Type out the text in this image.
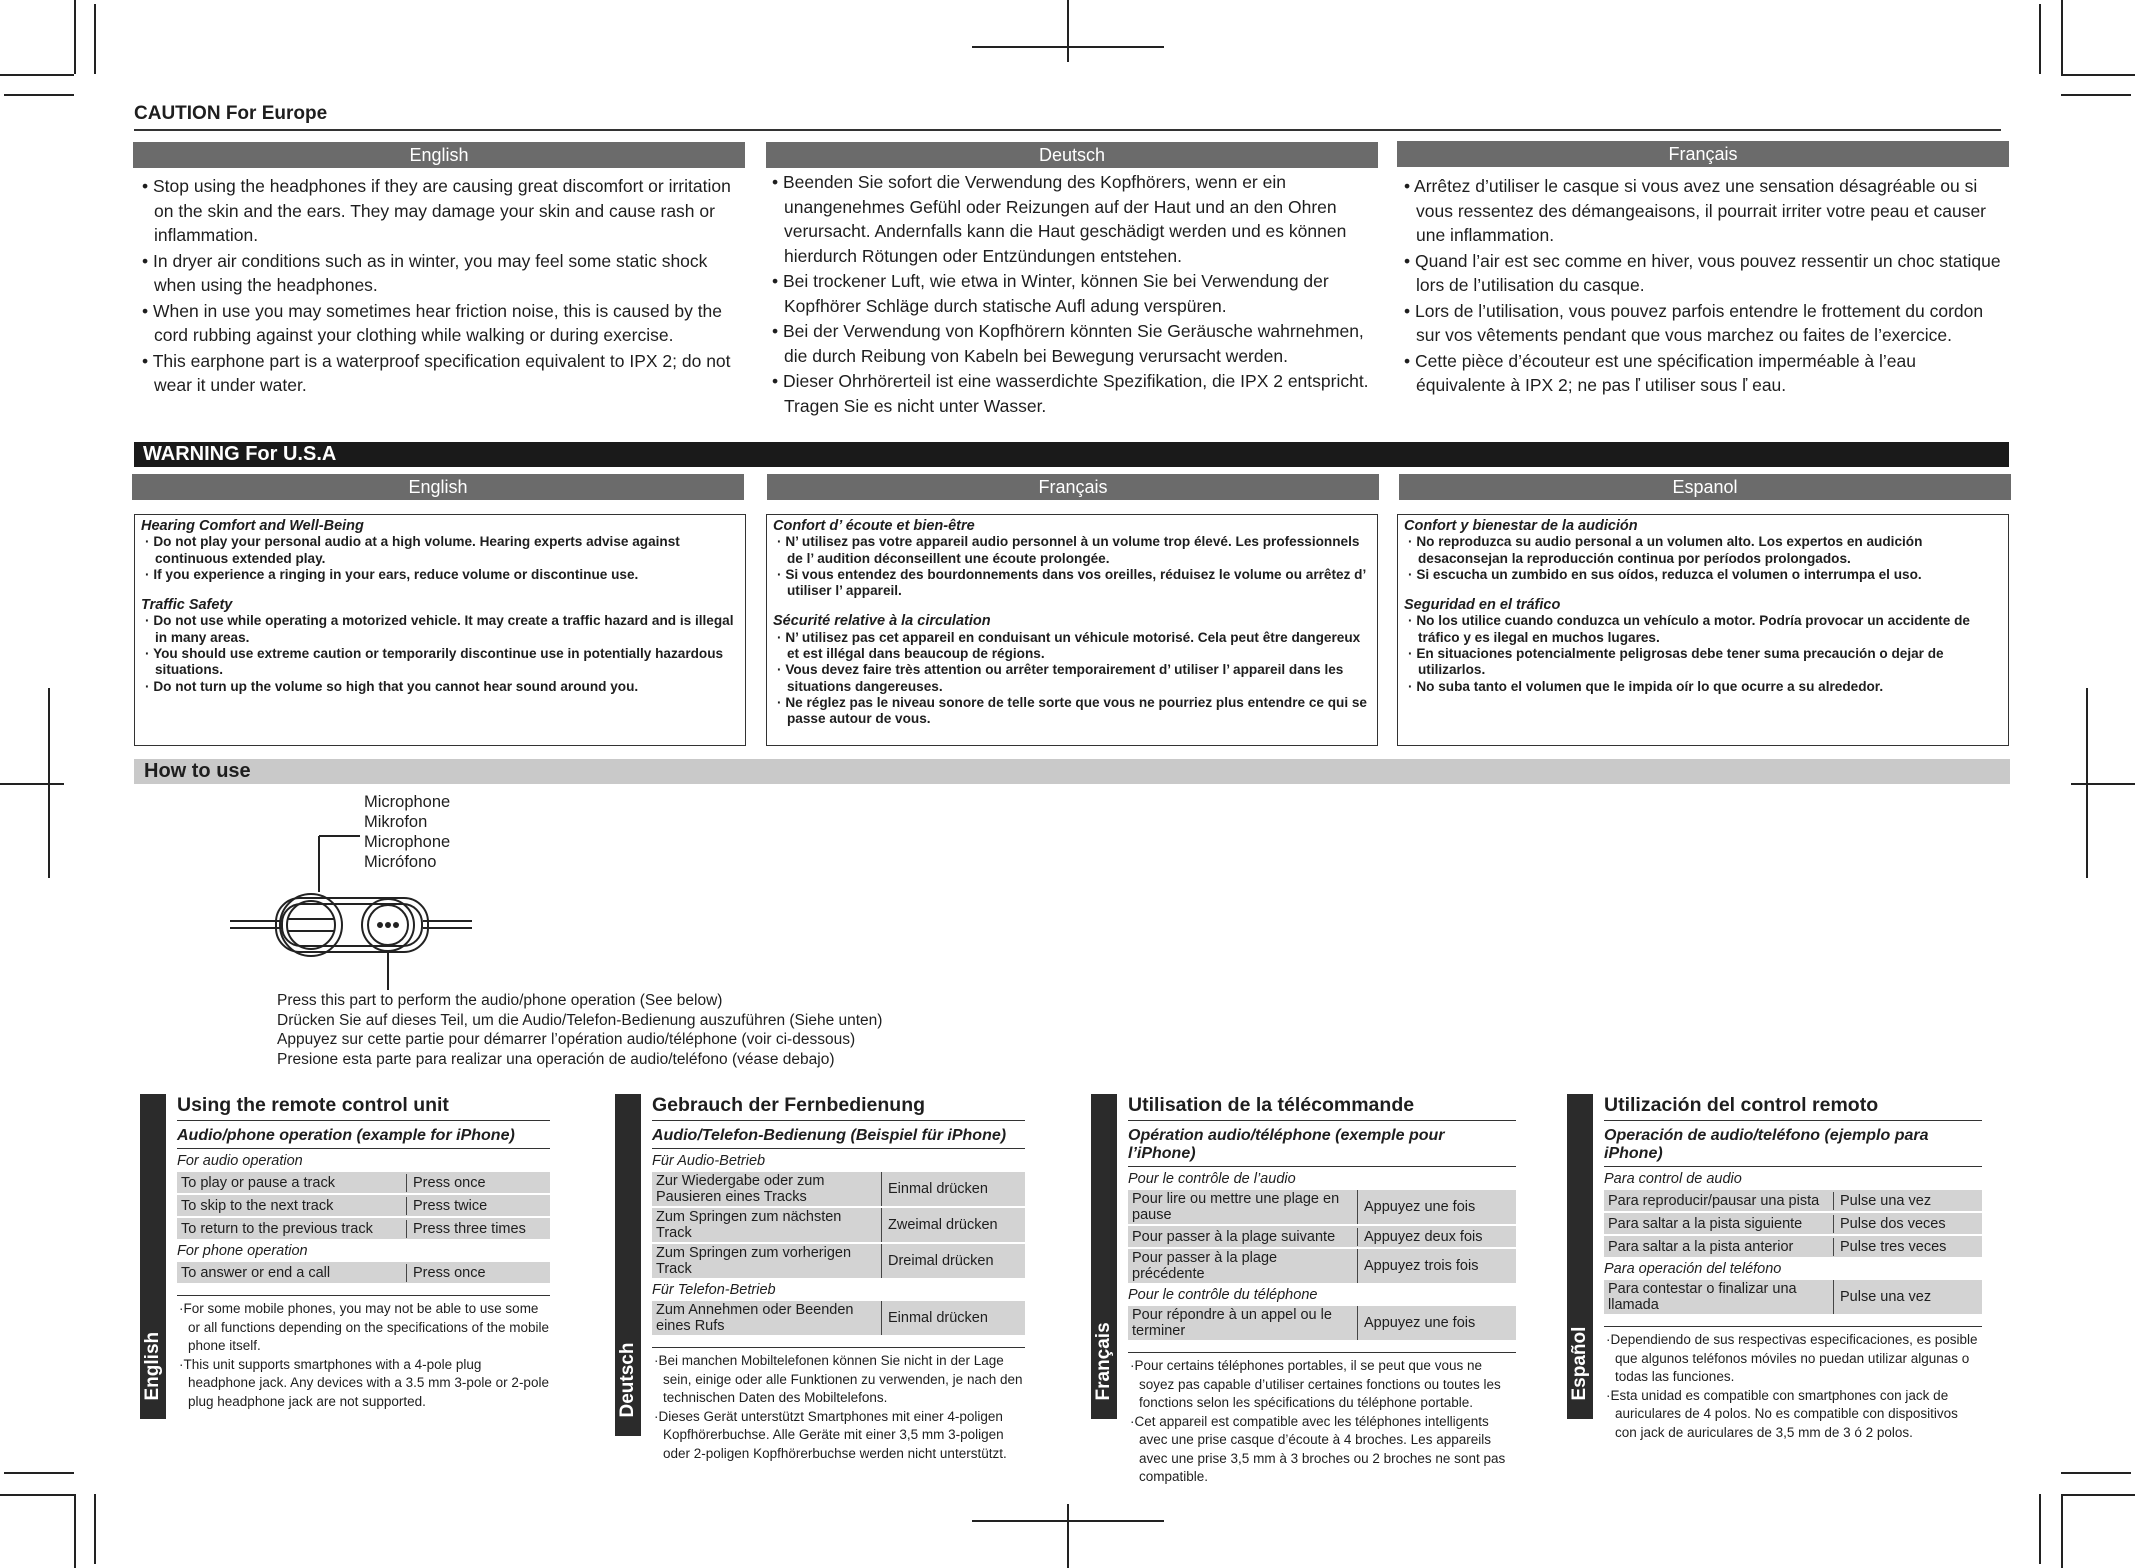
CAUTION For Europe
English	Deutsch	Français
• Stop using the headphones if they are causing great discomfort or irritation on the skin and the ears. They may damage your skin and cause rash or inflammation.
• In dryer air conditions such as in winter, you may feel some static shock when using the headphones.
• When in use you may sometimes hear friction noise, this is caused by the cord rubbing against your clothing while walking or during exercise.
• This earphone part is a waterproof specification equivalent to IPX 2; do not wear it under water.
• Beenden Sie sofort die Verwendung des Kopfhörers, wenn er ein unangenehmes Gefühl oder Reizungen auf der Haut und an den Ohren verursacht. Andernfalls kann die Haut geschädigt werden und es können hierdurch Rötungen oder Entzündungen entstehen.
• Bei trockener Luft, wie etwa in Winter, können Sie bei Verwendung der Kopfhörer Schläge durch statische Aufl adung verspüren.
• Bei der Verwendung von Kopfhörern könnten Sie Geräusche wahrnehmen, die durch Reibung von Kabeln bei Bewegung verursacht werden.
• Dieser Ohrhörerteil ist eine wasserdichte Spezifikation, die IPX 2 entspricht. Tragen Sie es nicht unter Wasser.
• Arrêtez d’utiliser le casque si vous avez une sensation désagréable ou si vous ressentez des démangeaisons, il pourrait irriter votre peau et causer une inflammation.
• Quand l’air est sec comme en hiver, vous pouvez ressentir un choc statique lors de l’utilisation du casque.
• Lors de l’utilisation, vous pouvez parfois entendre le frottement du cordon sur vos vêtements pendant que vous marchez ou faites de l’exercice.
• Cette pièce d’écouteur est une spécification imperméable à l’eau équivalente à IPX 2; ne pas ľ utiliser sous ľ eau.
WARNING For U.S.A
English	Français	Espanol
Hearing Comfort and Well-Being
· Do not play your personal audio at a high volume. Hearing experts advise against continuous extended play.
· If you experience a ringing in your ears, reduce volume or discontinue use.
Traffic Safety
· Do not use while operating a motorized vehicle. It may create a traffic hazard and is illegal in many areas.
· You should use extreme caution or temporarily discontinue use in potentially hazardous situations.
· Do not turn up the volume so high that you cannot hear sound around you.
Confort d’ écoute et bien-être
· N’ utilisez pas votre appareil audio personnel à un volume trop élevé. Les professionnels de l’ audition déconseillent une écoute prolongée.
· Si vous entendez des bourdonnements dans vos oreilles, réduisez le volume ou arrêtez d’ utiliser l’ appareil.
Sécurité relative à la circulation
· N’ utilisez pas cet appareil en conduisant un véhicule motorisé. Cela peut être dangereux et est illégal dans beaucoup de régions.
· Vous devez faire très attention ou arrêter temporairement d’ utiliser l’ appareil dans les situations dangereuses.
· Ne réglez pas le niveau sonore de telle sorte que vous ne pourriez plus entendre ce qui se passe autour de vous.
Confort y bienestar de la audición
· No reproduzca su audio personal a un volumen alto. Los expertos en audición desaconsejan la reproducción continua por períodos prolongados.
· Si escucha un zumbido en sus oídos, reduzca el volumen o interrumpa el uso.
Seguridad en el tráfico
· No los utilice cuando conduzca un vehículo a motor. Podría provocar un accidente de tráfico y es ilegal en muchos lugares.
· En situaciones potencialmente peligrosas debe tener suma precaución o dejar de utilizarlos.
· No suba tanto el volumen que le impida oír lo que ocurre a su alrededor.
How to use
Microphone
Mikrofon
Microphone
Micrófono
Press this part to perform the audio/phone operation (See below)
Drücken Sie auf dieses Teil, um die Audio/Telefon-Bedienung auszuführen (Siehe unten)
Appuyez sur cette partie pour démarrer l’opération audio/téléphone (voir ci-dessous)
Presione esta parte para realizar una operación de audio/teléfono (véase debajo)
English
Using the remote control unit
Audio/phone operation (example for iPhone)
For audio operation
To play or pause a track	Press once
To skip to the next track	Press twice
To return to the previous track	Press three times
For phone operation
To answer or end a call	Press once
· For some mobile phones, you may not be able to use some or all functions depending on the specifications of the mobile phone itself.
· This unit supports smartphones with a 4-pole plug headphone jack. Any devices with a 3.5 mm 3-pole or 2-pole plug headphone jack are not supported.	Deutsch
Gebrauch der Fernbedienung
Audio/Telefon-Bedienung (Beispiel für iPhone)
Für Audio-Betrieb
Zur Wiedergabe oder zum Pausieren eines Tracks	Einmal drücken
Zum Springen zum nächsten Track	Zweimal drücken
Zum Springen zum vorherigen Track	Dreimal drücken
Für Telefon-Betrieb
Zum Annehmen oder Beenden eines Rufs	Einmal drücken
· Bei manchen Mobiltelefonen können Sie nicht in der Lage sein, einige oder alle Funktionen zu verwenden, je nach den technischen Daten des Mobiltelefons.
· Dieses Gerät unterstützt Smartphones mit einer 4-poligen Kopfhörerbuchse. Alle Geräte mit einer 3,5 mm 3-poligen oder 2-poligen Kopfhörerbuchse werden nicht unterstützt.
Français
Utilisation de la télécommande
Opération audio/téléphone (exemple pour l’iPhone)
Pour le contrôle de l’audio
Pour lire ou mettre une plage en pause	Appuyez une fois
Pour passer à la plage suivante	Appuyez deux fois
Pour passer à la plage précédente	Appuyez trois fois
Pour le contrôle du téléphone
Pour répondre à un appel ou le terminer	Appuyez une fois
· Pour certains téléphones portables, il se peut que vous ne soyez pas capable d’utiliser certaines fonctions ou toutes les fonctions selon les spécifications du téléphone portable.
· Cet appareil est compatible avec les téléphones intelligents avec une prise casque d’écoute à 4 broches. Les appareils avec une prise 3,5 mm à 3 broches ou 2 broches ne sont pas compatible.
Español
Utilización del control remoto
Operación de audio/teléfono (ejemplo para iPhone)
Para control de audio
Para reproducir/pausar una pista	Pulse una vez
Para saltar a la pista siguiente	Pulse dos veces
Para saltar a la pista anterior	Pulse tres veces
Para operación del teléfono
Para contestar o finalizar una llamada	Pulse una vez
· Dependiendo de sus respectivas especificaciones, es posible que algunos teléfonos móviles no puedan utilizar algunas o todas las funciones.
· Esta unidad es compatible con smartphones con jack de auriculares de 4 polos. No es compatible con dispositivos con jack de auriculares de 3,5 mm de 3 ó 2 polos.
